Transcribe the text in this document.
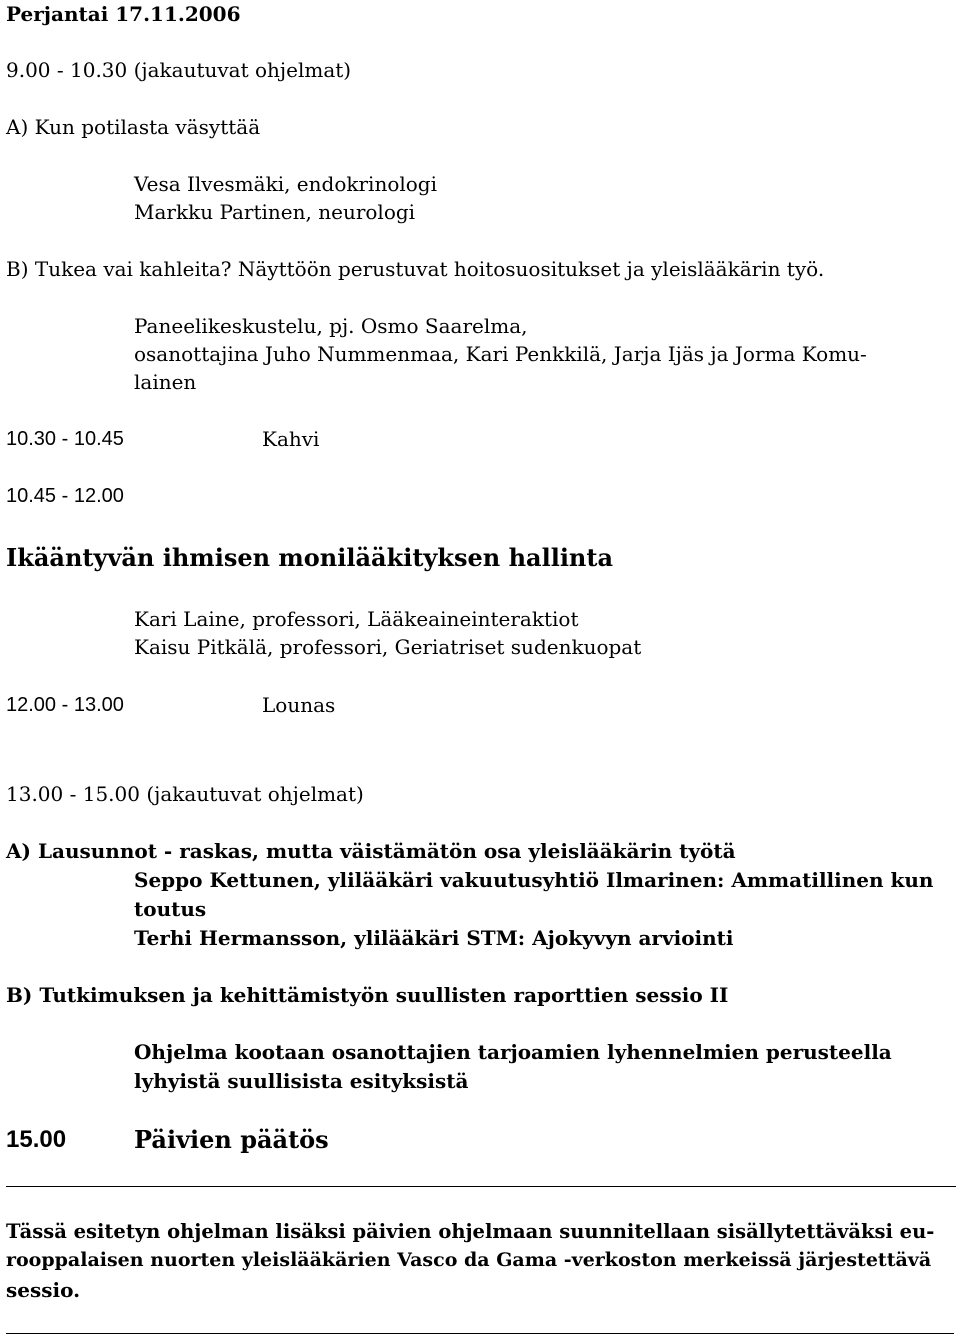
Perjantai 17.11.2006
9.00 - 10.30 (jakautuvat ohjelmat)
A) Kun potilasta väsyttää
Vesa Ilvesmäki, endokrinologi
Markku Partinen, neurologi
B) Tukea vai kahleita? Näyttöön perustuvat hoitosuositukset ja yleislääkärin työ.
Paneelikeskustelu, pj. Osmo Saarelma,
osanottajina Juho Nummenmaa, Kari Penkkilä, Jarja Ijäs ja Jorma Komu-
lainen
10.30 - 10.45	Kahvi
10.45 - 12.00
Ikääntyvän ihmisen monilääkityksen hallinta
Kari Laine, professori, Lääkeaineinteraktiot
Kaisu Pitkälä, professori, Geriatriset sudenkuopat
12.00 - 13.00	Lounas
13.00 - 15.00 (jakautuvat ohjelmat)
A) Lausunnot - raskas, mutta väistämätön osa yleislääkärin työtä
Seppo Kettunen, ylilääkäri vakuutusyhtiö Ilmarinen: Ammatillinen kun
toutus
Terhi Hermansson, ylilääkäri STM: Ajokyvyn arviointi
B) Tutkimuksen ja kehittämistyön suullisten raporttien sessio II
Ohjelma kootaan osanottajien tarjoamien lyhennelmien perusteella
lyhyistä suullisista esityksistä
15.00	Päivien päätös
Tässä esitetyn ohjelman lisäksi päivien ohjelmaan suunnitellaan sisällytettäväksi eu-
rooppalaisen nuorten yleislääkärien Vasco da Gama -verkoston merkeissä järjestettävä
sessio.
